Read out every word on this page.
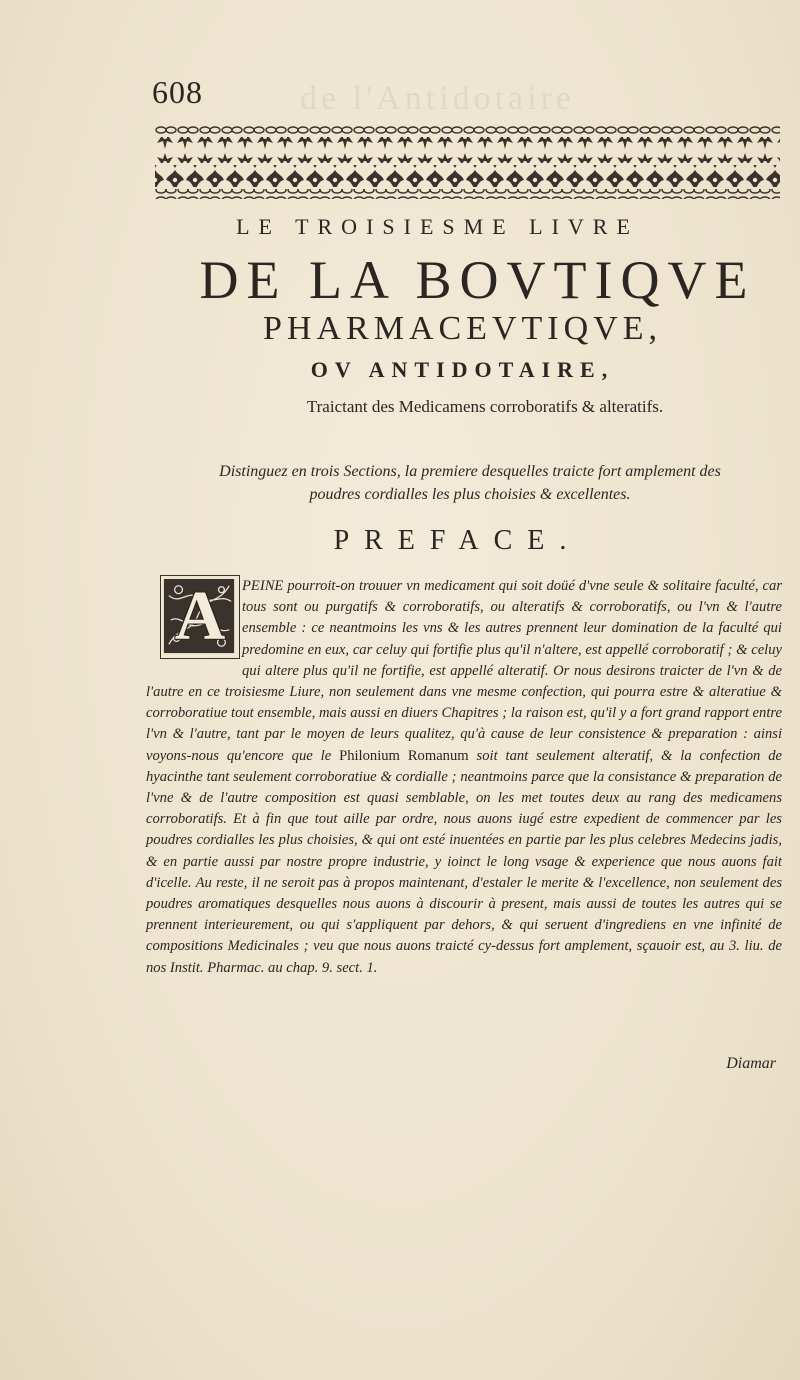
de l'Antidotaire
608
LE TROISIESME LIVRE
DE LA BOVTIQVE
PHARMACEVTIQVE,
OV ANTIDOTAIRE,
Traictant des Medicamens corroboratifs & alteratifs.
Distinguez en trois Sections, la premiere desquelles traicte fort amplement des poudres cordialles les plus choisies & excellentes.
PREFACE.
PEINE pourroit-on trouuer vn medicament qui soit doüé d'vne seule & solitaire faculté, car tous sont ou purgatifs & corroboratifs, ou alteratifs & corroboratifs, ou l'vn & l'autre ensemble : ce neantmoins les vns & les autres prennent leur domination de la faculté qui predomine en eux, car celuy qui fortifie plus qu'il n'altere, est appellé corroboratif ; & celuy qui altere plus qu'il ne fortifie, est appellé alteratif. Or nous desirons traicter de l'vn & de l'autre en ce troisiesme Liure, non seulement dans vne mesme confection, qui pourra estre & alteratiue & corroboratiue tout ensemble, mais aussi en diuers Chapitres ; la raison est, qu'il y a fort grand rapport entre l'vn & l'autre, tant par le moyen de leurs qualitez, qu'à cause de leur consistence & preparation : ainsi voyons-nous qu'encore que le Philonium Romanum soit tant seulement alteratif, & la confection de hyacinthe tant seulement corroboratiue & cordialle ; neantmoins parce que la consistance & preparation de l'vne & de l'autre composition est quasi semblable, on les met toutes deux au rang des medicamens corroboratifs. Et à fin que tout aille par ordre, nous auons iugé estre expedient de commencer par les poudres cordialles les plus choisies, & qui ont esté inuentées en partie par les plus celebres Medecins jadis, & en partie aussi par nostre propre industrie, y ioinct le long vsage & experience que nous auons fait d'icelle. Au reste, il ne seroit pas à propos maintenant, d'estaler le merite & l'excellence, non seulement des poudres aromatiques desquelles nous auons à discourir à present, mais aussi de toutes les autres qui se prennent interieurement, ou qui s'appliquent par dehors, & qui seruent d'ingrediens en vne infinité de compositions Medicinales ; veu que nous auons traicté cy-dessus fort amplement, sçauoir est, au 3. liu. de nos Instit. Pharmac. au chap. 9. sect. 1.
A
Diamar
